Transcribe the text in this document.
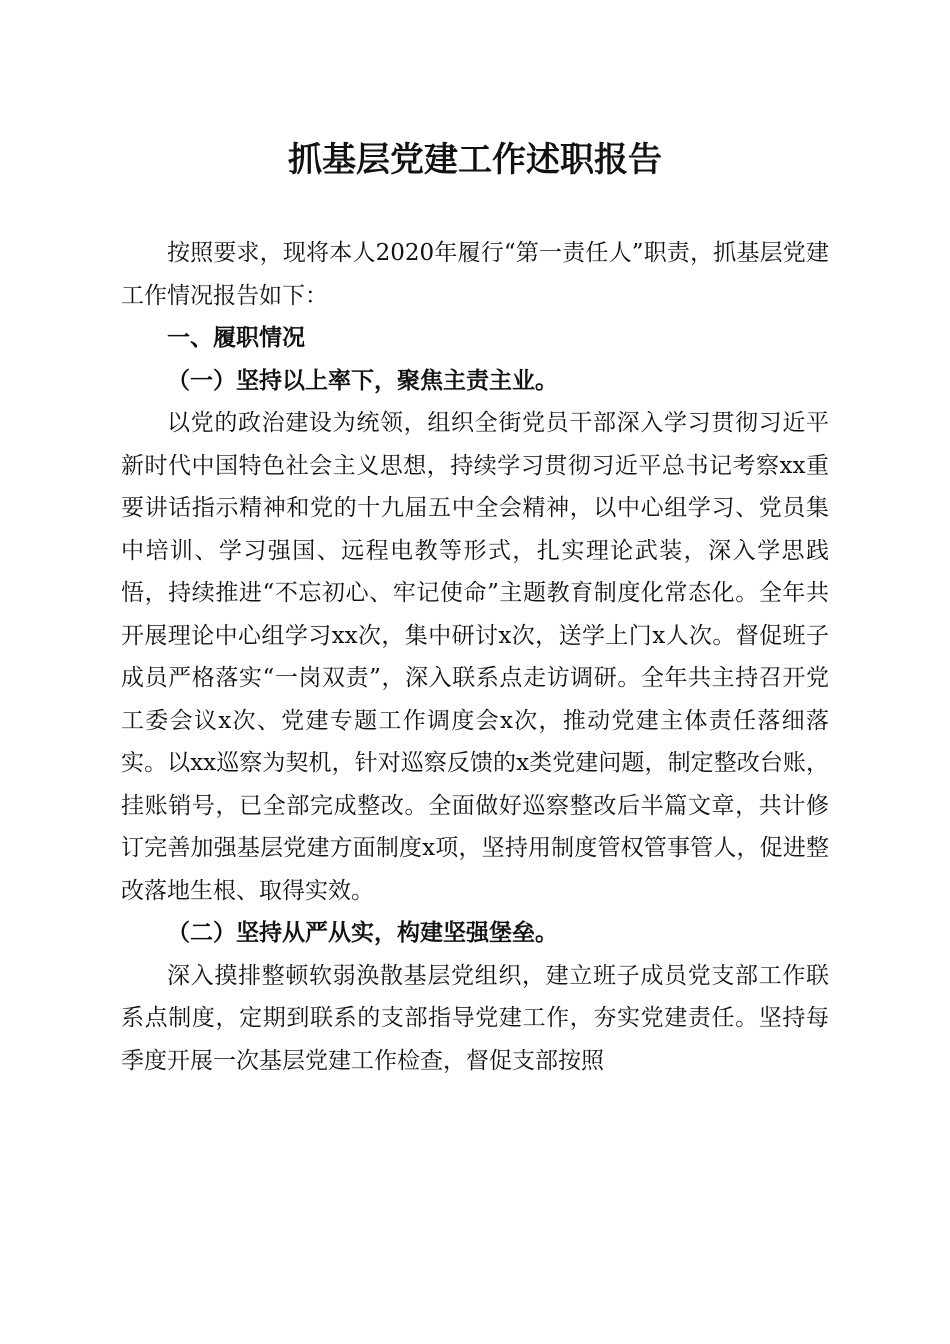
抓基层党建工作述职报告

按照要求，现将本人2020年履行“第一责任人”职责，抓基层党建工作情况报告如下：

一、履职情况

（一）坚持以上率下，聚焦主责主业。

以党的政治建设为统领，组织全街党员干部深入学习贯彻习近平新时代中国特色社会主义思想，持续学习贯彻习近平总书记考察xx重要讲话指示精神和党的十九届五中全会精神，以中心组学习、党员集中培训、学习强国、远程电教等形式，扎实理论武装，深入学思践悟，持续推进“不忘初心、牢记使命”主题教育制度化常态化。全年共开展理论中心组学习xx次，集中研讨x次，送学上门x人次。督促班子成员严格落实“一岗双责”，深入联系点走访调研。全年共主持召开党工委会议x次、党建专题工作调度会x次，推动党建主体责任落细落实。以xx巡察为契机，针对巡察反馈的x类党建问题，制定整改台账，挂账销号，已全部完成整改。全面做好巡察整改后半篇文章，共计修订完善加强基层党建方面制度x项，坚持用制度管权管事管人，促进整改落地生根、取得实效。

（二）坚持从严从实，构建坚强堡垒。

深入摸排整顿软弱涣散基层党组织，建立班子成员党支部工作联系点制度，定期到联系的支部指导党建工作，夯实党建责任。坚持每季度开展一次基层党建工作检查，督促支部按照
